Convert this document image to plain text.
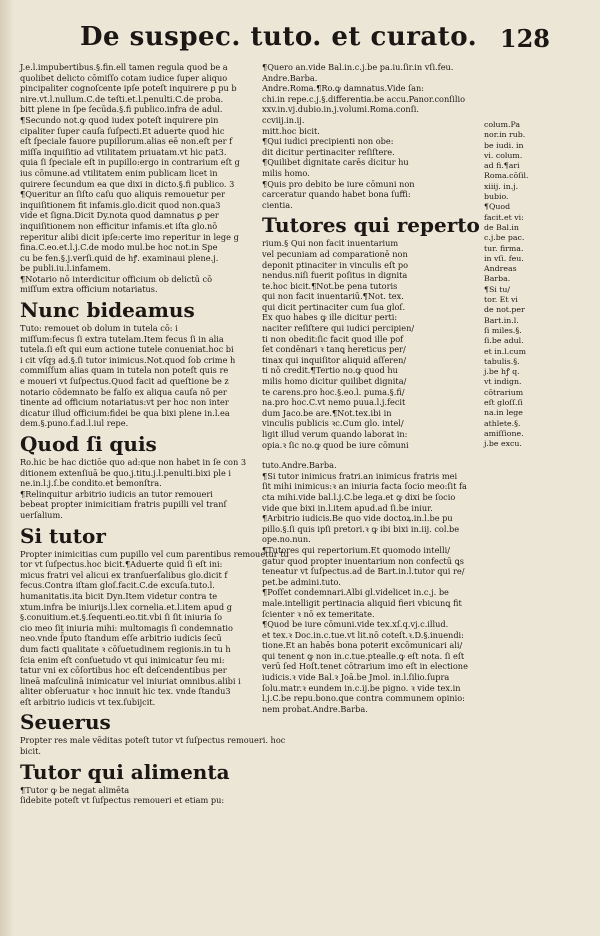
De suspec. tuto. et curato. 128

J.e.l.impubertibus.§.fin.ell tamen regula quod be a

quolibet delicto cōmiſſo cotam iudice ſuper aliquo

pincipaliter cognoſcente ipſe poteſt inquirere ꝑ pu b

nire.vt.l.nullum.C.de teſti.et.l.penulti.C.de proba.

bitt plene in ſpe ſecūda.§.fi publico.infra de adul.

¶Secundo not.ꝙ quod iudex poteſt inquirere pin

cipaliter ſuper cauſa ſuſpecti.Et aduerte quod hic

eſt ſpeciale fauore pupillorum.alias eē non.eſt per f

miſſa inquiſitio ad vtilitatem priuatam.vt hic pat3.

quia ſi ſpeciale eſt in pupillo:ergo in contrarium eſt g

ius cōmune.ad vtilitatem enim publicam licet in

quirere ſecundum ea que dixi in dicto.§.fi publico. 3

¶Queritur an ſiſto caſu quo aliquis remouetur per

inquiſitionem fit infamis.glo.dicit quod non.qua3

vide et ſigna.Dicit Dy.nota quod damnatus ꝑ per

inquiſitionem non efficitur infamis.et iſta glo.nō

reperitur alibi dicit ipſe:certe imo reperitur in lege g

fina.C.eo.et.l.j.C.de modo mul.be hoc not.in Spe

cu be fen.§.j.verſi.quid de hꝭ. examinaui plene.j.

be publi.iu.l.infamem.

¶Notario nō interdicitur officium ob delictū cō

miſſum extra officium notariatus.

Nunc bideamus

Tuto: remouet ob dolum in tutela cō: i

miſſum:fecus ſi extra tutelam.Item fecus ſi in alia

tutela.ſi eſt qui eum actione tutele conueniat.hoc bi

i cit vſqȝ ad.§.ſi tutor inimicus.Not.quod ſob crime h

commiſſum alias quam in tutela non poteſt quis re

e moueri vt ſuſpectus.Quod facit ad queſtione be z

notario cōdemnato be falſo ex aliqua cauſa nō per

tinente ad officium notariatus:vt per hoc non inter

dicatur illud officium:fidei be qua bixi plene in.l.ea

dem.§.puno.f.ad.l.iul repe.

Quod ſi quis

Ro.hic be hac dictiōe quo ad:que non habet in ſe con 3

ditionem extenſiuā be quo.j.titu.j.l.penulti.bixi ple i

ne.in.l.j.ſ.be condito.et bemonſtra.

¶Relinquitur arbitrio iudicis an tutor remoueri

bebeat propter inimicitiam fratris pupilli vel tranſ

uerſalium.

Si tutor

Propter inimicitias cum pupillo vel cum parentibus remouetur tu

tor vt ſuſpectus.hoc bicit.¶Aduerte quid ſi eſt ini:

micus fratri vel alicui ex tranſuerſalibus glo.dicit f

fecus.Contra iſtam gloſ.facit.C.de excuſa.tuto.l.

humanitatis.ita bicit Dyn.Item videtur contra te

xtum.infra be iniurijs.l.lex cornelia.et.l.item apud g

§.conuitium.et.§.ſequenti.eo.tit.vbi ſi ſit iniuria ſo

cio meo ſit iniuria mihi: multomagis ſi condemnatio

neo.vnde ſ̄puto ſtandum eſſe arbitrio iudicis ſecū

dum facti qualitate ꝛ cōſuetudinem regionis.in tu h

ſcia enim eſt conſuetudo vt qui inimicatur ſeu mi:

tatur vni ex cōſortibus hoc eſt deſcendentibus per

lineā maſculinā inimicatur vel iniuriat omnibus.alibi i

aliter obſeruatur ꝛ hoc innuit hic tex. vnde ſtandu3

eſt arbitrio iudicis vt tex.ſubijcit.

Seuerus

Propter res male vēditas poteſt tutor vt ſuſpectus remoueri. hoc

bicit.

Tutor qui alimenta

¶Tutor ꝙ be negat alimēta

ſidebite poteſt vt ſuſpectus remoueri et etiam pu:

¶Quero an.vide Bal.in.c.j.be pa.iu.ſir.in vſi.feu.

Andre.Barba.

Andre.Roma.¶Ro.ꝙ damnatus.Vide ſan:

chi.in repe.c.j.§.differentia.be accu.Panor.conſilio

xxv.in.vj.dubio.in.j.volumi.Roma.conſi.

ccviij.in.ij.

mitt.hoc bicit.

¶Qui iudici precipienti non obe:

dit dicitur pertinaciter reſiſtere.

¶Quilibet dignitate carēs dicitur hu

milis homo.

¶Quis pro debito be iure cōmuni non

carceratur quando habet bona ſuffi:

cientia.

Tutores qui reperto

rium.§ Qui non facit inuentarium

vel pecuniam ad comparationē non

deponit ptinaciter in vinculis eſt po

nendus.niſi fuerit poſitus in dignita

te.hoc bicit.¶Not.be pena tutoris

qui non facit inuentariū.¶Not. tex.

qui dicit pertinaciter cum ſua gloſ.

Ex quo habes ꝙ ille dicitur perti:

naciter reſiſtere qui iudici percipien/

ti non obedit:ſic facit quod ille pof

ſet condēnari ꝛ tanꝗ hereticus per/

tinax qui inquiſitor aliquid aſſeren/

ti nō credit.¶Tertio no.ꝙ quod hu

milis homo dicitur quilibet dignita/

te carens.pro hoc.§.eo.l. puma.§.fi/

na.pro hoc.C.vt nemo puua.l.j.fecit

dum Jaco.be are.¶Not.tex.ibi in

vinculis publicis ꝛc.Cum glo. intel/

ligit illud verum quando laborat in:

opia.ꝛ ſic no.ꝙ quod be iure cōmuni

tuto.Andre.Barba.

¶Si tutor inimicus fratri.an inimicus fratris mei

ſit mihi inimicus:ꝛ an iniuria facta ſocio meo:ſit fa

cta mihi.vide bal.l.j.C.be lega.et ꝙ dixi be ſocio

vide que bixi in.l.item apud.ad ſi.be iniur.

¶Arbitrio iudicis.Be quo vide doctoꝝ.in.l.be pu

pillo.§.ſi quis ipſi pretori.ꝛ ꝙ ibi bixi in.iij. col.be

ope.no.nun.

¶Tutores qui repertorium.Et quomodo intelli/

gatur quod propter inuentarium non confectū ꝗs

teneatur vt ſuſpectus.ad de Bart.in.l.tutor qui re/

pet.be admini.tuto.

¶Poſſet condemnari.Albi gl.videlicet in.c.j. be

male.intelligit pertinacia aliquid fieri vbicunꝗ fit

ſcienter ꝛ nō ex temeritate.

¶Quod be iure cōmuni.vide tex.xſ.q.vj.c.illud.

et tex.ꝛ Doc.in.c.tue.vt lit.nō coteſt.ꝛ.D.§.inuendi:

tione.Et an habēs bona poterit excōmunicari ali/

qui tenent ꝙ non in.c.tue.ptealle.ꝙ eſt nota. ſi eſt

verū ſed Hoſt.tenet cōtrarium imo eſt in electione

iudicis.ꝛ vide Bal.ꝛ Joā.be Jmol. in.l.ſilio.ſupra

ſolu.matr.ꝛ eundem in.c.ij.be pigno. ꝛ vide tex.in

l.j.C.be repu.bono.que contra communem opinio:

nem probat.Andre.Barba.

colum.Pa

nor.in rub.

be iudi. in

vi. colum.

ad fi.¶ari

Roma.cōſil.

xiiij. in.j.

bubio.

¶Quod

facit.et vi:

de Bal.in

c.j.be pac.

tur. firma.

in vſi. feu.

Andreas

Barba.

¶Si tu/

tor. Et vi

de not.per

Bart.in.l.

ſi miles.§.

ſi.be adul.

et in.l.cum

tabulis.§.

j.be hꝭ q.

vt indign.

cōtrarium

eſt gloſſ.ſi

na.in lege

athlete.§.

amiſſione.

j.be excu.
